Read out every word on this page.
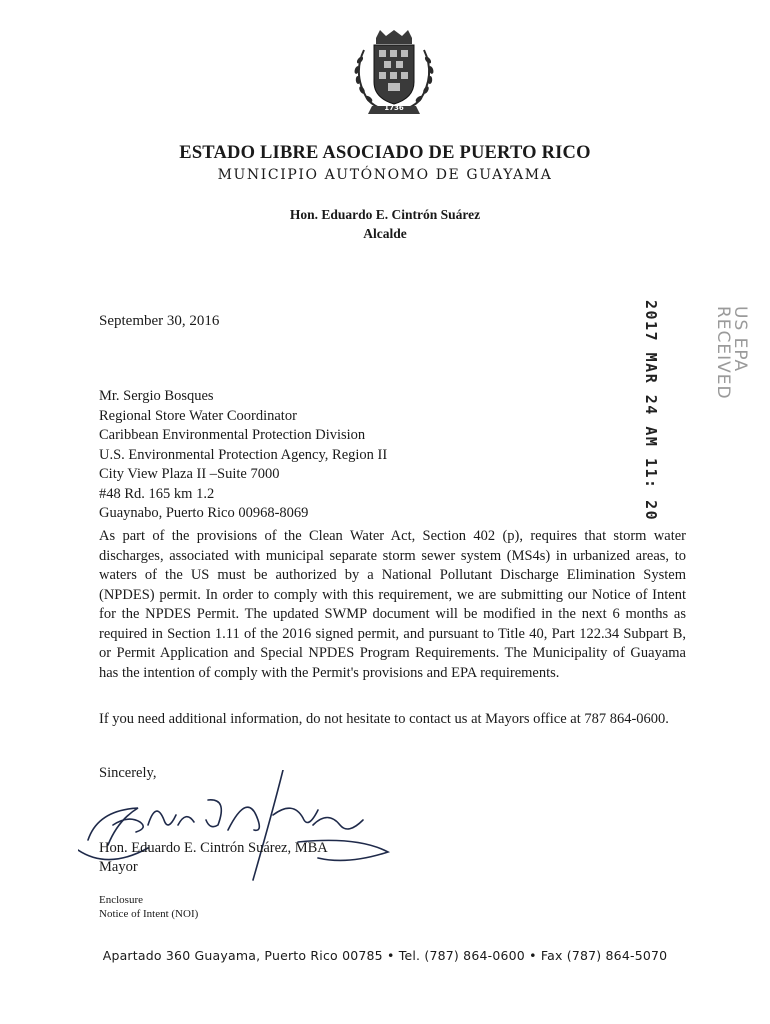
1736
ESTADO LIBRE ASOCIADO DE PUERTO RICO
MUNICIPIO AUTÓNOMO DE GUAYAMA
Hon. Eduardo E. Cintrón Suárez
Alcalde
September 30, 2016	2017 MAR 24 AM 11: 20	US EPA
RECEIVED
Mr. Sergio Bosques
Regional Store Water Coordinator
Caribbean Environmental Protection Division
U.S. Environmental Protection Agency, Region II
City View Plaza II –Suite 7000
#48 Rd. 165 km 1.2
Guaynabo, Puerto Rico 00968-8069
As part of the provisions of the Clean Water Act, Section 402 (p), requires that storm water discharges, associated with municipal separate storm sewer system (MS4s) in urbanized areas, to waters of the US must be authorized by a National Pollutant Discharge Elimination System (NPDES) permit. In order to comply with this requirement, we are submitting our Notice of Intent for the NPDES Permit. The updated SWMP document will be modified in the next 6 months as required in Section 1.11 of the 2016 signed permit, and pursuant to Title 40, Part 122.34 Subpart B, or Permit Application and Special NPDES Program Requirements. The Municipality of Guayama has the intention of comply with the Permit's provisions and EPA requirements.
If you need additional information, do not hesitate to contact us at Mayors office at 787 864-0600.
Sincerely,
Hon. Eduardo E. Cintrón Suárez, MBA
Mayor
Enclosure
Notice of Intent (NOI)
Apartado 360 Guayama, Puerto Rico 00785 • Tel. (787) 864-0600 • Fax (787) 864-5070
